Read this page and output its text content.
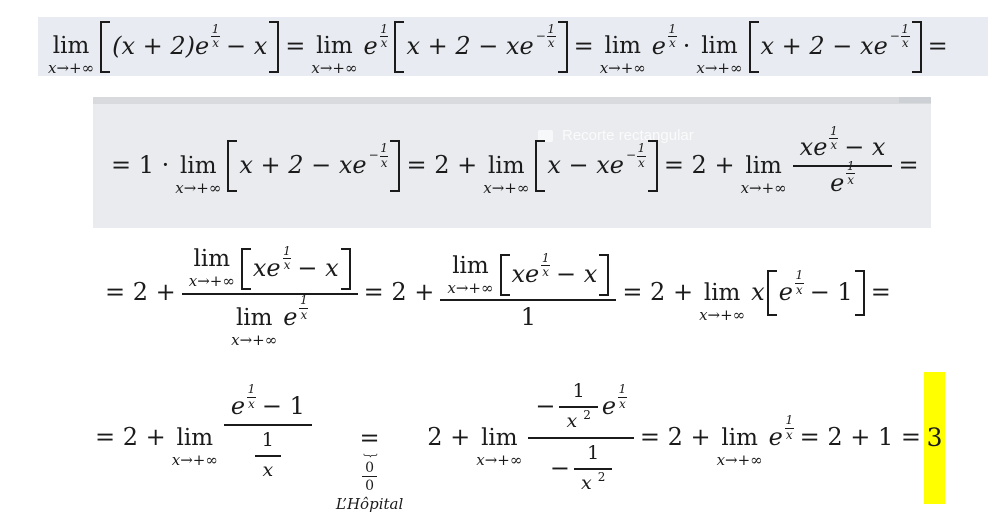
lim
x→+∞
$(x + 2)e \frac{1}{x} - x = \lim$
x→+∞
e $\frac{1}{x}$ x + 2 − xe − $\frac{1}{x} = \lim$
x→+∞
e $\frac{1}{x} \cdot \lim$
x→+∞
x + 2 − xe − $\frac{1}{x}$ =
Recorte rectangular
= 1 · lim
x→+∞
x + 2 − xe − $\frac{1}{x} = 2 + \lim$
x→+∞
x − xe − $\frac{1}{x} = 2 + \lim$
$x\to+\infty \frac{xe \frac{1}{x} - x}{e \frac{1}{x}}$ =
= 2 + lim
x→+∞ xe $\frac{1}{x} - x$
lim
x→+∞
e $\frac{1}{x} = 2 + \lim$
x→+∞ xe $\frac{1}{x} - x$
1 = 2 + lim
x→+∞
x e $\frac{1}{x} - 1$ =
= 2 + lim
$x\to+\infty \frac{e \frac{1}{x} - 1}{\frac{1}{x}}$ =
{
$\frac{0}{0}$
L’Hôpital
2 + lim
x→+∞
− $\frac{1}{x 2}$ e $\frac{1}{x}$
− $\frac{1}{x 2}$
= 2 + lim
x→+∞
e $\frac{1}{x} = 2 + 1 = 3$
